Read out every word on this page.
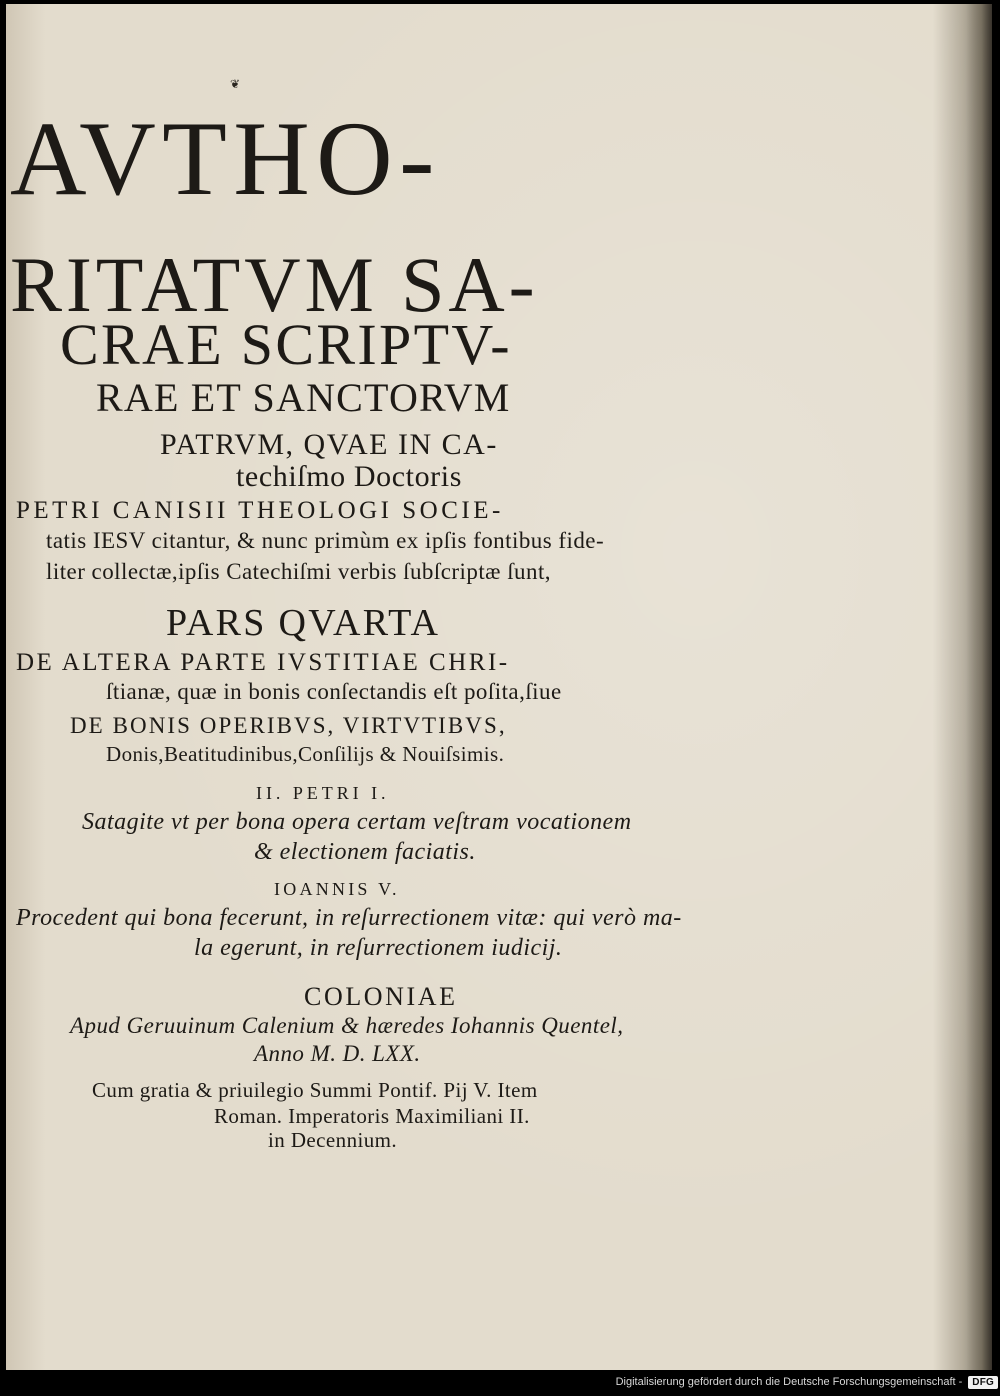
❦
AVTHO-
RITATVM SA-
CRAE SCRIPTV-
RAE ET SANCTORVM
PATRVM, QVAE IN CA-
techiſmo Doctoris
PETRI CANISII THEOLOGI SOCIE-
tatis IESV citantur, & nunc primùm ex ipſis fontibus fide-
liter collectæ,ipſis Catechiſmi verbis ſubſcriptæ ſunt,
PARS QVARTA
DE ALTERA PARTE IVSTITIAE CHRI-
ſtianæ, quæ in bonis conſectandis eſt poſita,ſiue
DE BONIS OPERIBVS, VIRTVTIBVS,
Donis,Beatitudinibus,Conſilijs & Nouiſsimis.
II. PETRI I.
Satagite vt per bona opera certam veſtram vocationem
& electionem faciatis.
IOANNIS V.
Procedent qui bona fecerunt, in reſurrectionem vitæ: qui verò ma-
la egerunt, in reſurrectionem iudicij.
COLONIAE
Apud Geruuinum Calenium & hæredes Iohannis Quentel,
Anno M. D. LXX.
Cum gratia & priuilegio Summi Pontif. Pij V. Item
Roman. Imperatoris Maximiliani II.
in Decennium.
Digitalisierung gefördert durch die Deutsche Forschungsgemeinschaft -	DFG
